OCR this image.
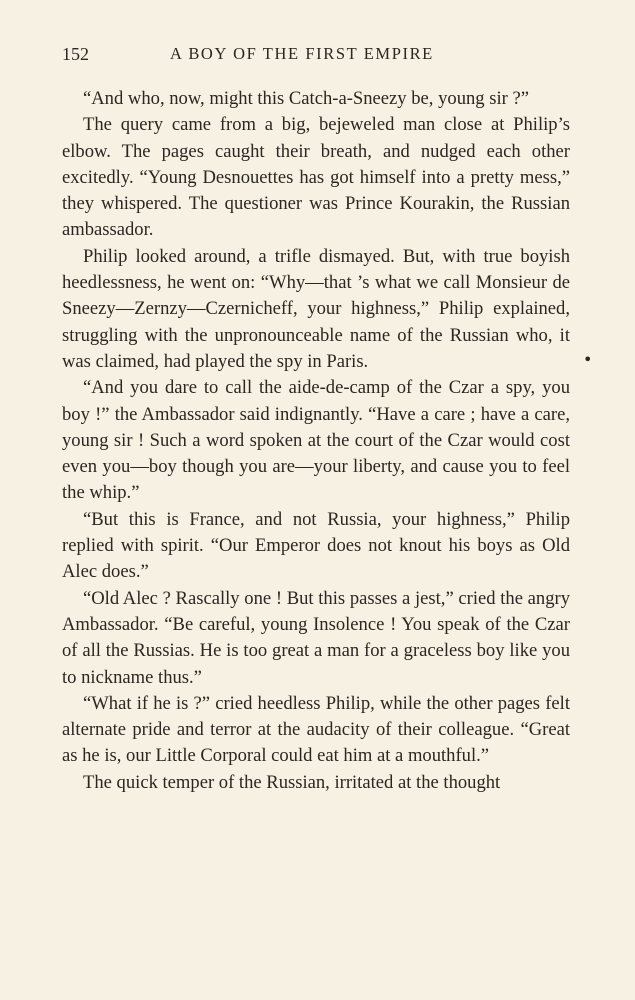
152	A BOY OF THE FIRST EMPIRE
•

“And who, now, might this Catch-a-Sneezy be, young sir ?”

The query came from a big, bejeweled man close at Philip’s elbow. The pages caught their breath, and nudged each other excitedly. “Young Desnouettes has got himself into a pretty mess,” they whispered. The questioner was Prince Kourakin, the Russian ambassador.

Philip looked around, a trifle dismayed. But, with true boyish heedlessness, he went on: “Why—that ’s what we call Monsieur de Sneezy—Zernzy—Czernicheff, your highness,” Philip explained, struggling with the unpronounceable name of the Russian who, it was claimed, had played the spy in Paris.

“And you dare to call the aide-de-camp of the Czar a spy, you boy !” the Ambassador said indignantly. “Have a care ; have a care, young sir ! Such a word spoken at the court of the Czar would cost even you—boy though you are—your liberty, and cause you to feel the whip.”

“But this is France, and not Russia, your highness,” Philip replied with spirit. “Our Emperor does not knout his boys as Old Alec does.”

“Old Alec ? Rascally one ! But this passes a jest,” cried the angry Ambassador. “Be careful, young Insolence ! You speak of the Czar of all the Russias. He is too great a man for a graceless boy like you to nickname thus.”

“What if he is ?” cried heedless Philip, while the other pages felt alternate pride and terror at the audacity of their colleague. “Great as he is, our Little Corporal could eat him at a mouthful.”

The quick temper of the Russian, irritated at the thought
